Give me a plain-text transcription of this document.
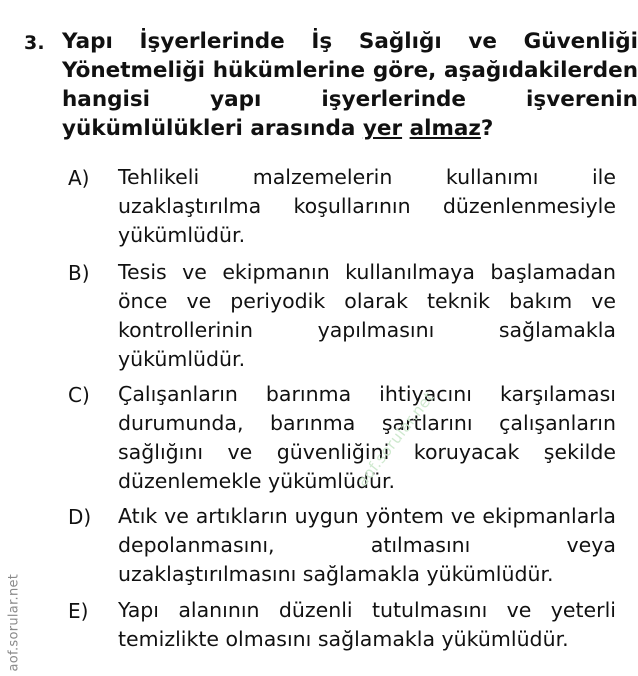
3. Yapı İşyerlerinde İş Sağlığı ve Güvenliği Yönetmeliği hükümlerine göre, aşağıdakilerden hangisi yapı işyerlerinde işverenin yükümlülükleri arasında yer almaz?
A) Tehlikeli malzemelerin kullanımı ile uzaklaştırılma koşullarının düzenlenmesiyle yükümlüdür.
B) Tesis ve ekipmanın kullanılmaya başlamadan önce ve periyodik olarak teknik bakım ve kontrollerinin yapılmasını sağlamakla yükümlüdür.
C) Çalışanların barınma ihtiyacını karşılaması durumunda, barınma şartlarını çalışanların sağlığını ve güvenliğini koruyacak şekilde düzenlemekle yükümlüdür.
D) Atık ve artıkların uygun yöntem ve ekipmanlarla depolanmasını, atılmasını veya uzaklaştırılmasını sağlamakla yükümlüdür.
E) Yapı alanının düzenli tutulmasını ve yeterli temizlikte olmasını sağlamakla yükümlüdür.
aof.sorular.net
aof.sorular.net
